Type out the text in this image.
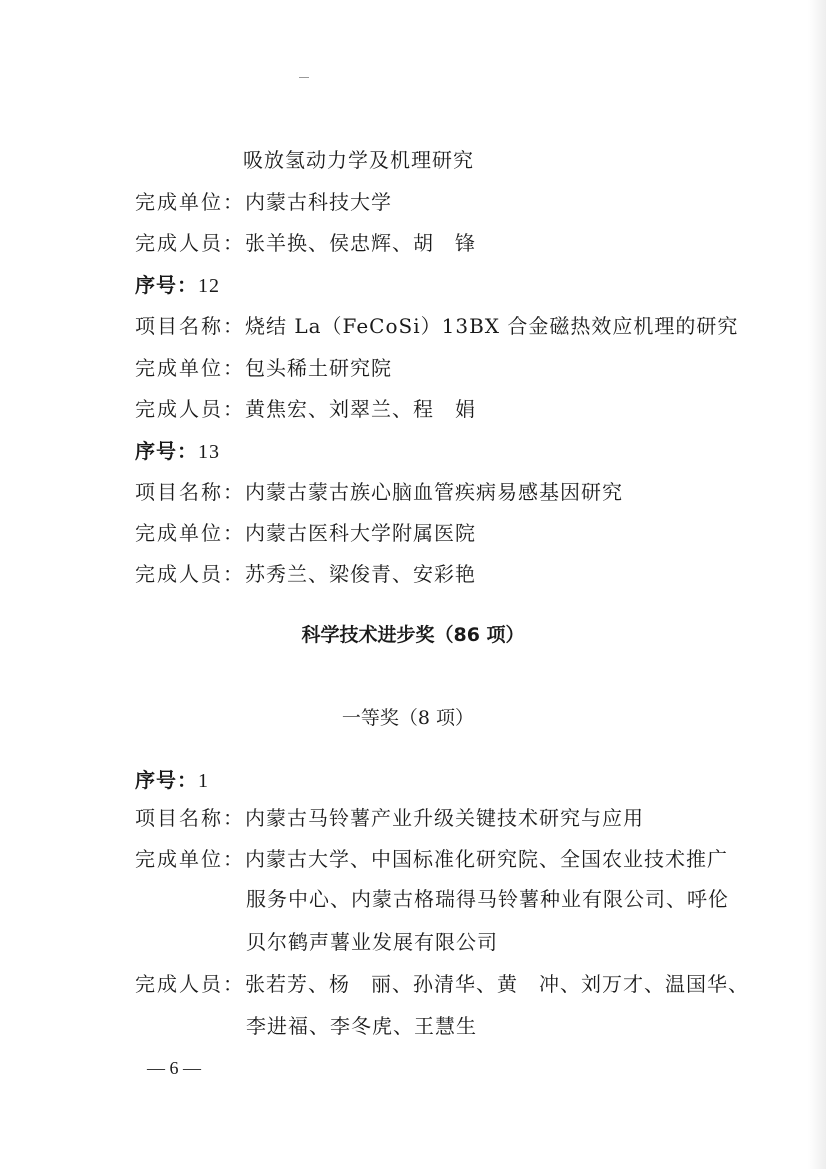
吸放氢动力学及机理研究
完成单位：内蒙古科技大学
完成人员：张羊换、侯忠辉、胡　锋
序号：12
项目名称：烧结 La（FeCoSi）13BX 合金磁热效应机理的研究
完成单位：包头稀土研究院
完成人员：黄焦宏、刘翠兰、程　娟
序号：13
项目名称：内蒙古蒙古族心脑血管疾病易感基因研究
完成单位：内蒙古医科大学附属医院
完成人员：苏秀兰、梁俊青、安彩艳
科学技术进步奖（86 项）
一等奖（8 项）
序号：1
项目名称：内蒙古马铃薯产业升级关键技术研究与应用
完成单位：内蒙古大学、中国标准化研究院、全国农业技术推广
服务中心、内蒙古格瑞得马铃薯种业有限公司、呼伦
贝尔鹤声薯业发展有限公司
完成人员：张若芳、杨　丽、孙清华、黄　冲、刘万才、温国华、
李进福、李冬虎、王慧生
— 6 —
